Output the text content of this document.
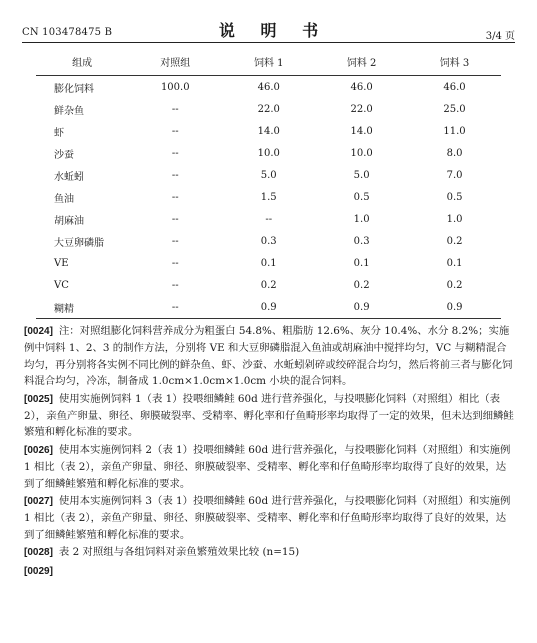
CN 103478475 B	说 明 书	3/4 页
组成	对照组	饲料 1	饲料 2	饲料 3
膨化饲料	100.0	46.0	46.0	46.0
鲜杂鱼	--	22.0	22.0	25.0
虾	--	14.0	14.0	11.0
沙蚕	--	10.0	10.0	8.0
水蚯蚓	--	5.0	5.0	7.0
鱼油	--	1.5	0.5	0.5
胡麻油	--	--	1.0	1.0
大豆卵磷脂	--	0.3	0.3	0.2
VE	--	0.1	0.1	0.1
VC	--	0.2	0.2	0.2
糊精	--	0.9	0.9	0.9
[0024] 注：对照组膨化饲料营养成分为粗蛋白 54.8%、粗脂肪 12.6%、灰分 10.4%、水分 8.2%；实施例中饲料 1、2、3 的制作方法，分别将 VE 和大豆卵磷脂混入鱼油或胡麻油中搅拌均匀，VC 与糊精混合均匀，再分别将各实例不同比例的鲜杂鱼、虾、沙蚕、水蚯蚓剁碎或绞碎混合均匀，然后将前三者与膨化饲料混合均匀，冷冻，制备成 1.0cm×1.0cm×1.0cm 小块的混合饲料。
[0025] 使用实施例饲料 1（表 1）投喂细鳞鲑 60d 进行营养强化，与投喂膨化饲料（对照组）相比（表 2），亲鱼产卵量、卵径、卵膜破裂率、受精率、孵化率和仔鱼畸形率均取得了一定的效果，但未达到细鳞鲑繁殖和孵化标准的要求。
[0026] 使用本实施例饲料 2（表 1）投喂细鳞鲑 60d 进行营养强化，与投喂膨化饲料（对照组）和实施例 1 相比（表 2），亲鱼产卵量、卵径、卵膜破裂率、受精率、孵化率和仔鱼畸形率均取得了良好的效果，达到了细鳞鲑繁殖和孵化标准的要求。
[0027] 使用本实施例饲料 3（表 1）投喂细鳞鲑 60d 进行营养强化，与投喂膨化饲料（对照组）和实施例 1 相比（表 2），亲鱼产卵量、卵径、卵膜破裂率、受精率、孵化率和仔鱼畸形率均取得了良好的效果，达到了细鳞鲑繁殖和孵化标准的要求。
[0028] 表 2 对照组与各组饲料对亲鱼繁殖效果比较 (n=15)
[0029]
